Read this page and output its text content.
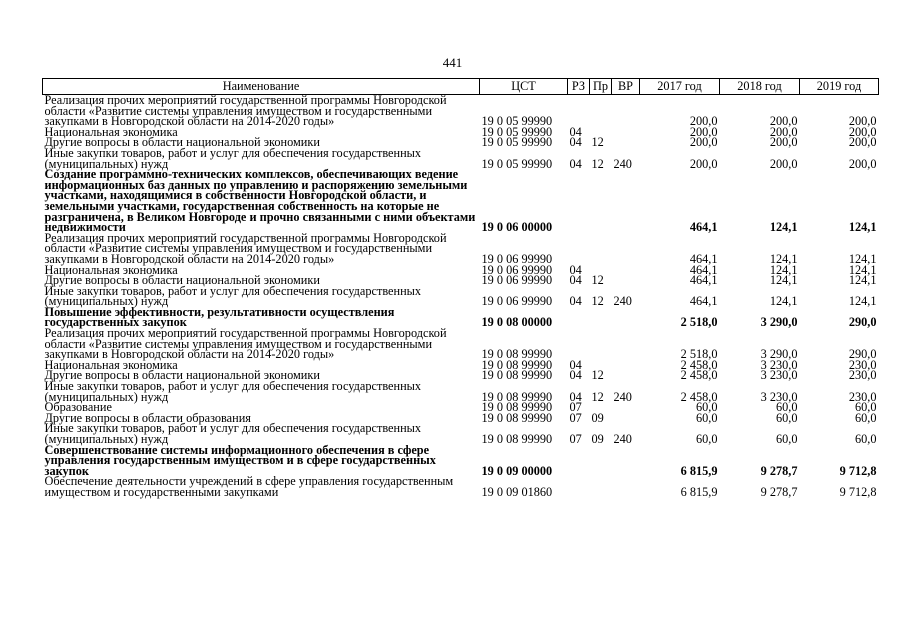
441
Наименование	ЦСТ	РЗ	Пр	ВР	2017 год	2018 год	2019 год
Реализация прочих мероприятий государственной программы Новгородской области «Развитие системы управления имуществом и государственными закупками в Новгородской области на 2014-2020 годы»	19 0 05 99990				200,0	200,0	200,0
Национальная экономика	19 0 05 99990	04			200,0	200,0	200,0
Другие вопросы в области национальной экономики	19 0 05 99990	04	12		200,0	200,0	200,0
Иные закупки товаров, работ и услуг для обеспечения государственных (муниципальных) нужд	19 0 05 99990	04	12	240	200,0	200,0	200,0
Создание программно-технических комплексов, обеспечивающих ведение информационных баз данных по управлению и распоряжению земельными участками, находящимися в собственности Новгородской области, и земельными участками, государственная собственность на которые не разграничена, в Великом Новгороде и прочно связанными с ними объектами недвижимости	19 0 06 00000				464,1	124,1	124,1
Реализация прочих мероприятий государственной программы Новгородской области «Развитие системы управления имуществом и государственными закупками в Новгородской области на 2014-2020 годы»	19 0 06 99990				464,1	124,1	124,1
Национальная экономика	19 0 06 99990	04			464,1	124,1	124,1
Другие вопросы в области национальной экономики	19 0 06 99990	04	12		464,1	124,1	124,1
Иные закупки товаров, работ и услуг для обеспечения государственных (муниципальных) нужд	19 0 06 99990	04	12	240	464,1	124,1	124,1
Повышение эффективности, результативности осуществления государственных закупок	19 0 08 00000				2 518,0	3 290,0	290,0
Реализация прочих мероприятий государственной программы Новгородской области «Развитие системы управления имуществом и государственными закупками в Новгородской области на 2014-2020 годы»	19 0 08 99990				2 518,0	3 290,0	290,0
Национальная экономика	19 0 08 99990	04			2 458,0	3 230,0	230,0
Другие вопросы в области национальной экономики	19 0 08 99990	04	12		2 458,0	3 230,0	230,0
Иные закупки товаров, работ и услуг для обеспечения государственных (муниципальных) нужд	19 0 08 99990	04	12	240	2 458,0	3 230,0	230,0
Образование	19 0 08 99990	07			60,0	60,0	60,0
Другие вопросы в области образования	19 0 08 99990	07	09		60,0	60,0	60,0
Иные закупки товаров, работ и услуг для обеспечения государственных (муниципальных) нужд	19 0 08 99990	07	09	240	60,0	60,0	60,0
Совершенствование системы информационного обеспечения в сфере управления государственным имуществом и в сфере государственных закупок	19 0 09 00000				6 815,9	9 278,7	9 712,8
Обеспечение деятельности учреждений в сфере управления государственным имуществом и государственными закупками	19 0 09 01860				6 815,9	9 278,7	9 712,8
